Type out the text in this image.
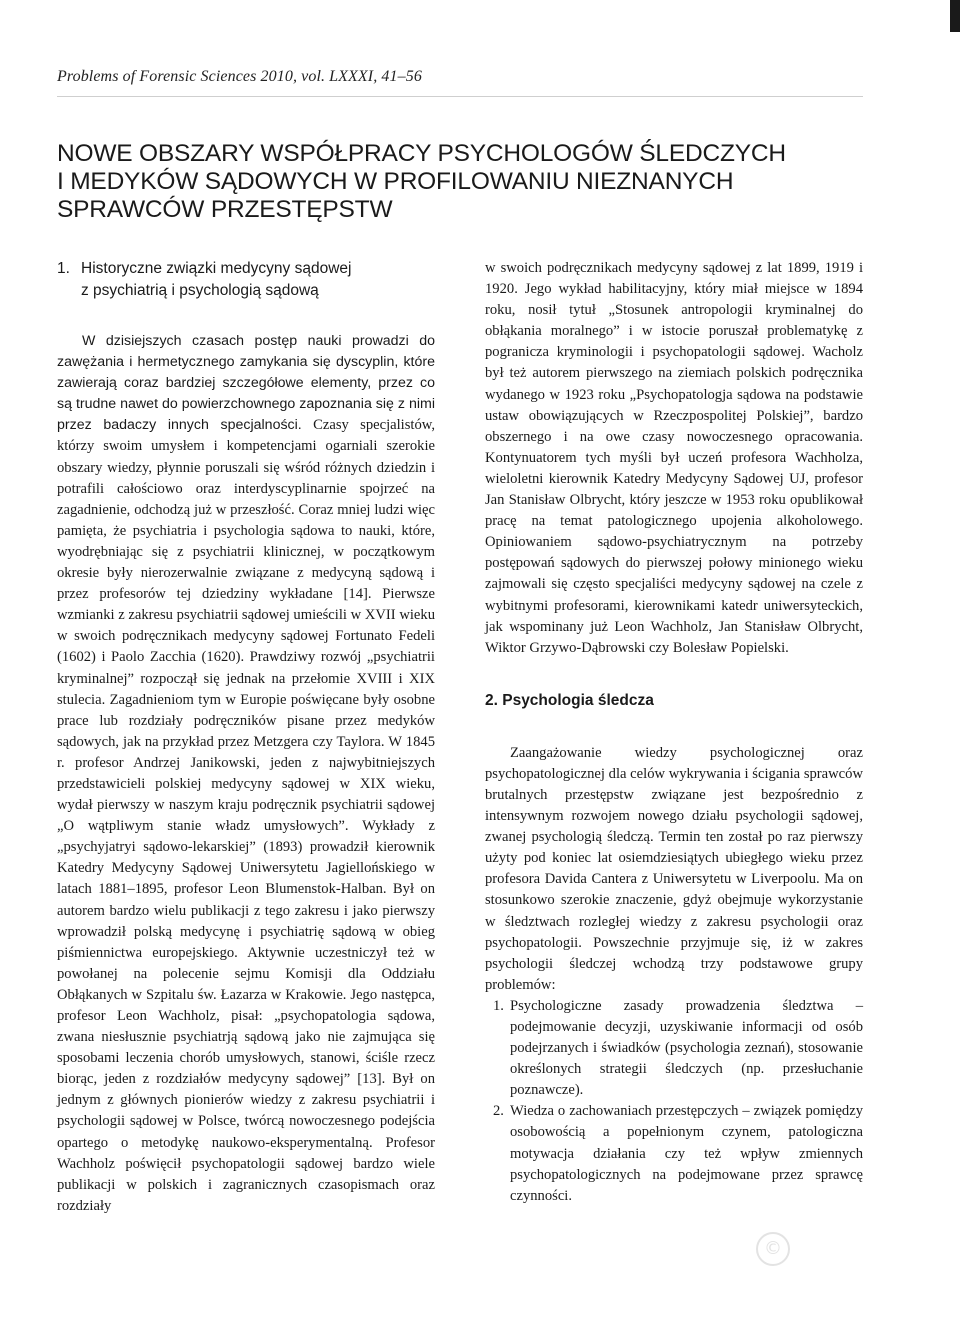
Problems of Forensic Sciences 2010, vol. LXXXI, 41–56
NOWE OBSZARY WSPÓŁPRACY PSYCHOLOGÓW ŚLEDCZYCH
I MEDYKÓW SĄDOWYCH W PROFILOWANIU NIEZNANYCH
SPRAWCÓW PRZESTĘPSTW
1. Historyczne związki medycyny sądowej
z psychiatrią i psychologią sądową

W dzisiejszych czasach postęp nauki prowadzi do zawężania i hermetycznego zamykania się dyscyplin, które zawierają coraz bardziej szczegółowe elementy, przez co są trudne nawet do powierzchownego zapoznania się z nimi przez badaczy innych specjalności. Czasy specjalistów, którzy swoim umysłem i kompetencjami ogarniali szerokie obszary wiedzy, płynnie poruszali się wśród różnych dziedzin i potrafili całościowo oraz interdyscyplinarnie spojrzeć na zagadnienie, odchodzą już w przeszłość. Coraz mniej ludzi więc pamięta, że psychiatria i psychologia sądowa to nauki, które, wyodrębniając się z psychiatrii klinicznej, w początkowym okresie były nierozerwalnie związane z medycyną sądową i przez profesorów tej dziedziny wykładane [14]. Pierwsze wzmianki z zakresu psychiatrii sądowej umieścili w XVII wieku w swoich podręcznikach medycyny sądowej Fortunato Fedeli (1602) i Paolo Zacchia (1620). Prawdziwy rozwój „psychiatrii kryminalnej” rozpoczął się jednak na przełomie XVIII i XIX stulecia. Zagadnieniom tym w Europie poświęcane były osobne prace lub rozdziały podręczników pisane przez medyków sądowych, jak na przykład przez Metzgera czy Taylora. W 1845 r. profesor Andrzej Janikowski, jeden z najwybitniejszych przedstawicieli polskiej medycyny sądowej w XIX wieku, wydał pierwszy w naszym kraju podręcznik psychiatrii sądowej „O wątpliwym stanie władz umysłowych”. Wykłady z „psychyjatryi sądowo-lekarskiej” (1893) prowadził kierownik Katedry Medycyny Sądowej Uniwersytetu Jagiellońskiego w latach 1881–1895, profesor Leon Blumenstok-Halban. Był on autorem bardzo wielu publikacji z tego zakresu i jako pierwszy wprowadził polską medycynę i psychiatrię sądową w obieg piśmiennictwa europejskiego. Aktywnie uczestniczył też w powołanej na polecenie sejmu Komisji dla Oddziału Obłąkanych w Szpitalu św. Łazarza w Krakowie. Jego następca, profesor Leon Wachholz, pisał: „psychopatologia sądowa, zwana niesłusznie psychiatrją sądową jako nie zajmująca się sposobami leczenia chorób umysłowych, stanowi, ściśle rzecz biorąc, jeden z rozdziałów medycyny sądowej” [13]. Był on jednym z głównych pionierów wiedzy z zakresu psychiatrii i psychologii sądowej w Polsce, twórcą nowoczesnego podejścia opartego o metodykę naukowo-eksperymentalną. Profesor Wachholz poświęcił psychopatologii sądowej bardzo wiele publikacji w polskich i zagranicznych czasopismach oraz rozdziały

w swoich podręcznikach medycyny sądowej z lat 1899, 1919 i 1920. Jego wykład habilitacyjny, który miał miejsce w 1894 roku, nosił tytuł „Stosunek antropologii kryminalnej do obłąkania moralnego” i w istocie poruszał problematykę z pogranicza kryminologii i psychopatologii sądowej. Wacholz był też autorem pierwszego na ziemiach polskich podręcznika wydanego w 1923 roku „Psychopatologja sądowa na podstawie ustaw obowiązujących w Rzeczpospolitej Polskiej”, bardzo obszernego i na owe czasy nowoczesnego opracowania. Kontynuatorem tych myśli był uczeń profesora Wachholza, wieloletni kierownik Katedry Medycyny Sądowej UJ, profesor Jan Stanisław Olbrycht, który jeszcze w 1953 roku opublikował pracę na temat patologicznego upojenia alkoholowego. Opiniowaniem sądowo-psychiatrycznym na potrzeby postępowań sądowych do pierwszej połowy minionego wieku zajmowali się często specjaliści medycyny sądowej na czele z wybitnymi profesorami, kierownikami katedr uniwersyteckich, jak wspominany już Leon Wachholz, Jan Stanisław Olbrycht, Wiktor Grzywo-Dąbrowski czy Bolesław Popielski.

2. Psychologia śledcza

Zaangażowanie wiedzy psychologicznej oraz psychopatologicznej dla celów wykrywania i ścigania sprawców brutalnych przestępstw związane jest bezpośrednio z intensywnym rozwojem nowego działu psychologii sądowej, zwanej psychologią śledczą. Termin ten został po raz pierwszy użyty pod koniec lat osiemdziesiątych ubiegłego wieku przez profesora Davida Cantera z Uniwersytetu w Liverpoolu. Ma on stosunkowo szerokie znaczenie, gdyż obejmuje wykorzystanie w śledztwach rozległej wiedzy z zakresu psychologii oraz psychopatologii. Powszechnie przyjmuje się, iż w zakres psychologii śledczej wchodzą trzy podstawowe grupy problemów:

1. Psychologiczne zasady prowadzenia śledztwa – podejmowanie decyzji, uzyskiwanie informacji od osób podejrzanych i świadków (psychologia zeznań), stosowanie określonych strategii śledczych (np. przesłuchanie poznawcze).
2. Wiedza o zachowaniach przestępczych – związek pomiędzy osobowością a popełnionym czynem, patologiczna motywacja działania czy też wpływ zmiennych psychopatologicznych na podejmowane przez sprawcę czynności.
©
